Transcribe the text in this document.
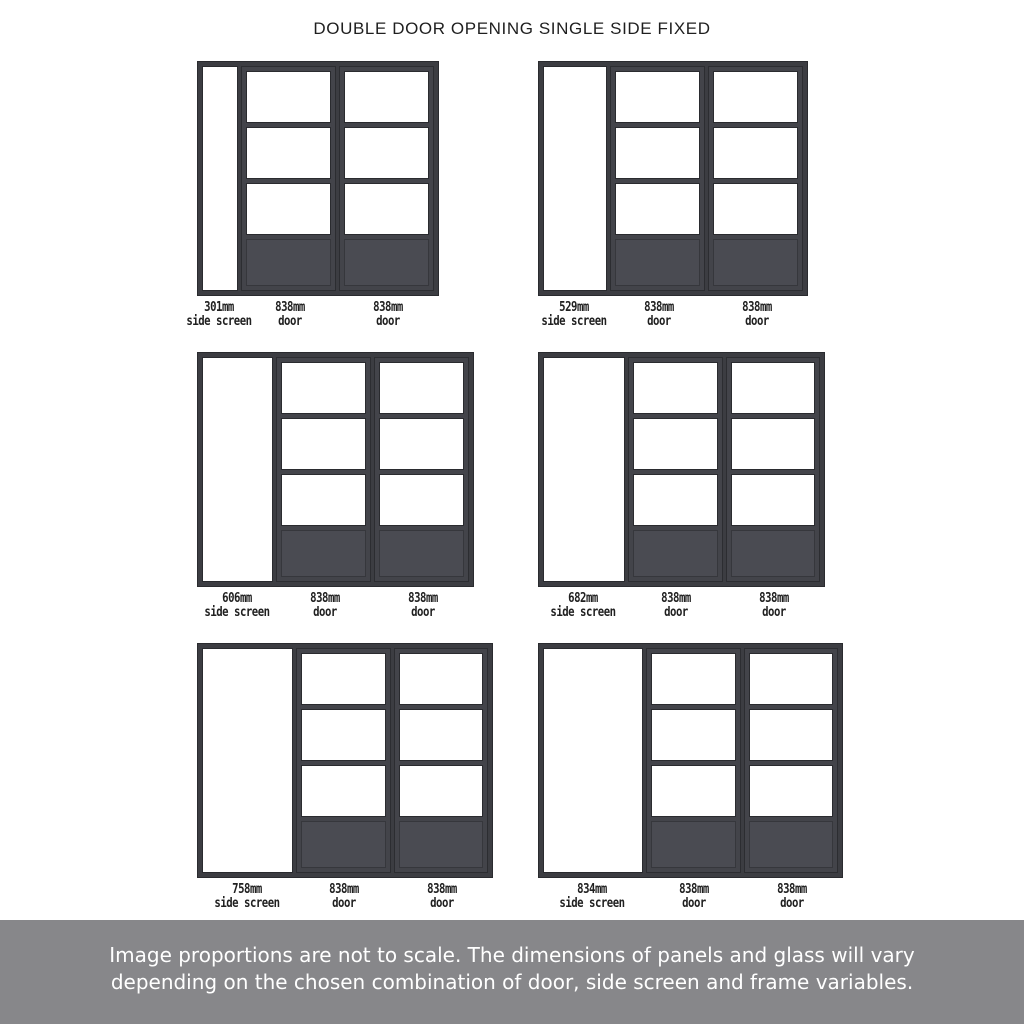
DOUBLE DOOR OPENING SINGLE SIDE FIXED
301mm
side screen
838mm
door
838mm
door
529mm
side screen
838mm
door
838mm
door
606mm
side screen
838mm
door
838mm
door
682mm
side screen
838mm
door
838mm
door
758mm
side screen
838mm
door
838mm
door
834mm
side screen
838mm
door
838mm
door
Image proportions are not to scale. The dimensions of panels and glass will vary
depending on the chosen combination of door, side screen and frame variables.
